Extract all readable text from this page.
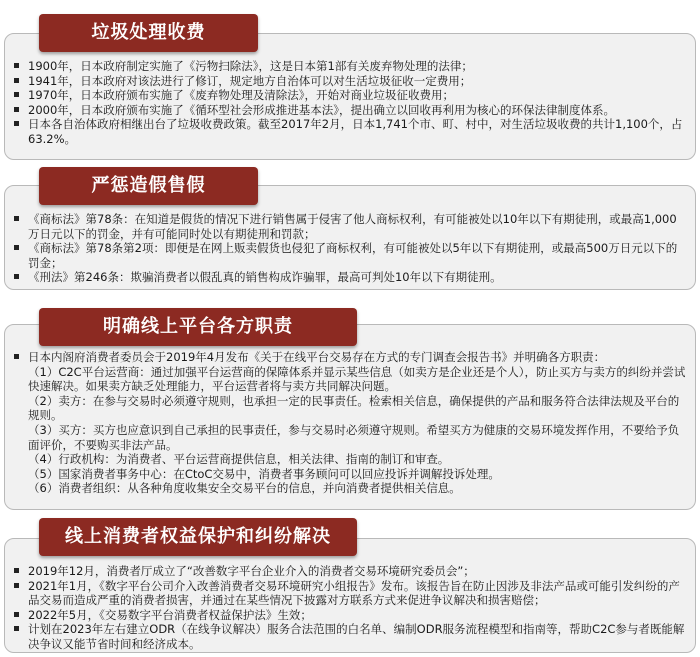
垃圾处理收费
1900年，日本政府制定实施了《污物扫除法》，这是日本第1部有关废弃物处理的法律；
1941年，日本政府对该法进行了修订，规定地方自治体可以对生活垃圾征收一定费用；
1970年，日本政府颁布实施了《废弃物处理及清除法》，开始对商业垃圾征收费用；
2000年，日本政府颁布实施了《循环型社会形成推进基本法》，提出确立以回收再利用为核心的环保法律制度体系。
日本各自治体政府相继出台了垃圾收费政策。截至2017年2月，日本1,741个市、町、村中，对生活垃圾收费的共计1,100个，占63.2%。
严惩造假售假
《商标法》第78条：在知道是假货的情况下进行销售属于侵害了他人商标权利，有可能被处以10年以下有期徒刑，或最高1,000万日元以下的罚金，并有可能同时处以有期徒刑和罚款；
《商标法》第78条第2项：即便是在网上贩卖假货也侵犯了商标权利，有可能被处以5年以下有期徒刑，或最高500万日元以下的罚金；
《刑法》第246条：欺骗消费者以假乱真的销售构成诈骗罪，最高可判处10年以下有期徒刑。
明确线上平台各方职责
日本内阁府消费者委员会于2019年4月发布《关于在线平台交易存在方式的专门调查会报告书》并明确各方职责：
（1）C2C平台运营商：通过加强平台运营商的保障体系并显示某些信息（如卖方是企业还是个人），防止买方与卖方的纠纷并尝试快速解决。如果卖方缺乏处理能力，平台运营者将与卖方共同解决问题。
（2）卖方：在参与交易时必须遵守规则，也承担一定的民事责任。检索相关信息，确保提供的产品和服务符合法律法规及平台的规则。
（3）买方：买方也应意识到自己承担的民事责任，参与交易时必须遵守规则。希望买方为健康的交易环境发挥作用，不要给予负面评价，不要购买非法产品。
（4）行政机构：为消费者、平台运营商提供信息，相关法律、指南的制订和审查。
（5）国家消费者事务中心：在CtoC交易中，消费者事务顾问可以回应投诉并调解投诉处理。
（6）消费者组织：从各种角度收集安全交易平台的信息，并向消费者提供相关信息。
线上消费者权益保护和纠纷解决
2019年12月，消费者厅成立了“改善数字平台企业介入的消费者交易环境研究委员会”；
2021年1月，《数字平台公司介入改善消费者交易环境研究小组报告》发布。该报告旨在防止因涉及非法产品或可能引发纠纷的产品交易而造成严重的消费者损害，并通过在某些情况下披露对方联系方式来促进争议解决和损害赔偿；
2022年5月，《交易数字平台消费者权益保护法》生效；
计划在2023年左右建立ODR（在线争议解决）服务合法范围的白名单、编制ODR服务流程模型和指南等，帮助C2C参与者既能解决争议又能节省时间和经济成本。
